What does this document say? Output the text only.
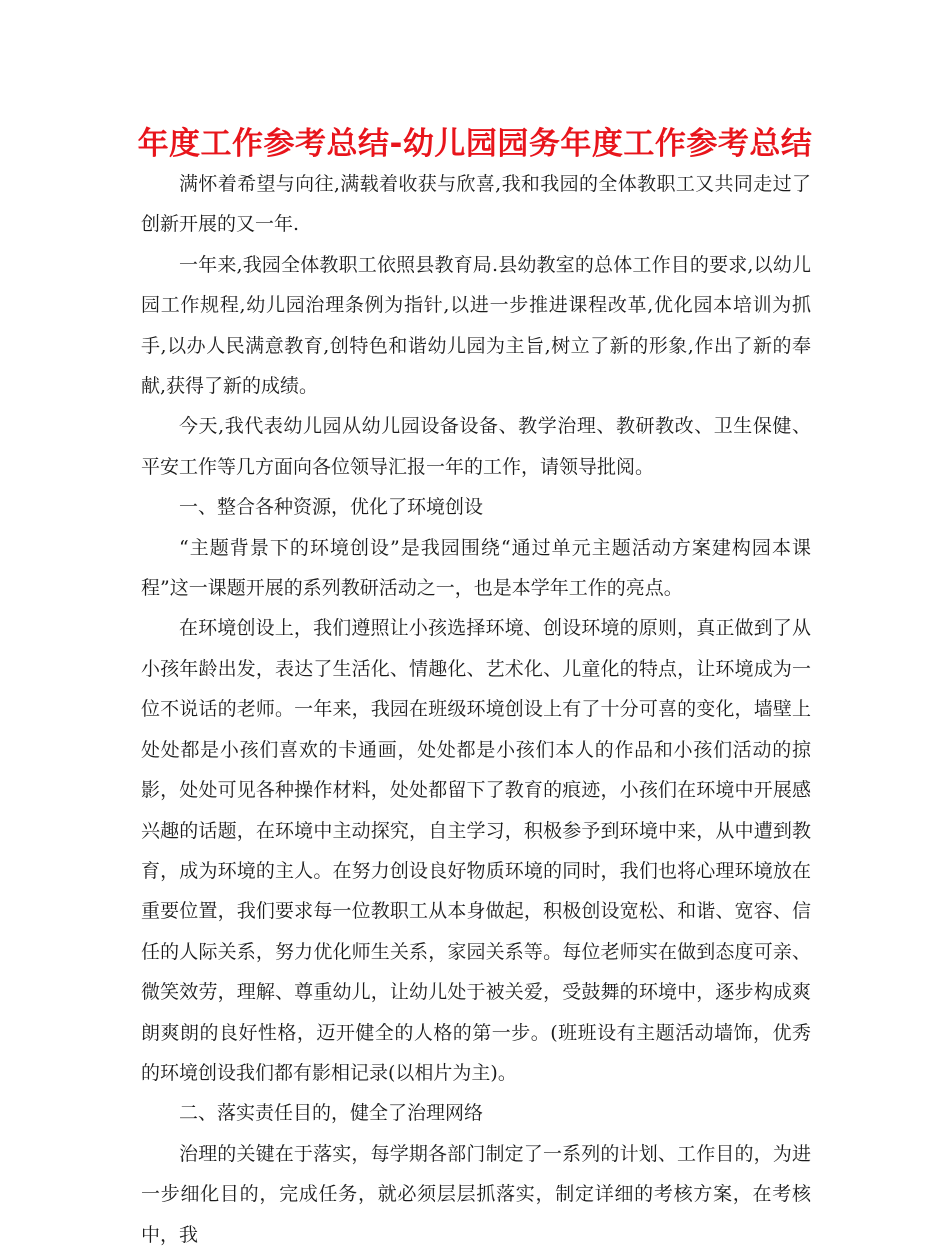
年度工作参考总结-幼儿园园务年度工作参考总结

满怀着希望与向往,满载着收获与欣喜,我和我园的全体教职工又共同走过了创新开展的又一年.

一年来,我园全体教职工依照县教育局.县幼教室的总体工作目的要求,以幼儿园工作规程,幼儿园治理条例为指针,以进一步推进课程改革,优化园本培训为抓手,以办人民满意教育,创特色和谐幼儿园为主旨,树立了新的形象,作出了新的奉献,获得了新的成绩。

今天,我代表幼儿园从幼儿园设备设备、教学治理、教研教改、卫生保健、平安工作等几方面向各位领导汇报一年的工作，请领导批阅。

一、整合各种资源，优化了环境创设

“主题背景下的环境创设”是我园围绕“通过单元主题活动方案建构园本课程”这一课题开展的系列教研活动之一，也是本学年工作的亮点。

在环境创设上，我们遵照让小孩选择环境、创设环境的原则，真正做到了从小孩年龄出发，表达了生活化、情趣化、艺术化、儿童化的特点，让环境成为一位不说话的老师。一年来，我园在班级环境创设上有了十分可喜的变化，墙壁上处处都是小孩们喜欢的卡通画，处处都是小孩们本人的作品和小孩们活动的掠影，处处可见各种操作材料，处处都留下了教育的痕迹，小孩们在环境中开展感兴趣的话题，在环境中主动探究，自主学习，积极参予到环境中来，从中遭到教育，成为环境的主人。在努力创设良好物质环境的同时，我们也将心理环境放在重要位置，我们要求每一位教职工从本身做起，积极创设宽松、和谐、宽容、信任的人际关系，努力优化师生关系，家园关系等。每位老师实在做到态度可亲、微笑效劳，理解、尊重幼儿，让幼儿处于被关爱，受鼓舞的环境中，逐步构成爽朗爽朗的良好性格，迈开健全的人格的第一步。(班班设有主题活动墙饰，优秀的环境创设我们都有影相记录(以相片为主)。

二、落实责任目的，健全了治理网络

治理的关键在于落实，每学期各部门制定了一系列的计划、工作目的，为进一步细化目的，完成任务，就必须层层抓落实，制定详细的考核方案，在考核中，我
